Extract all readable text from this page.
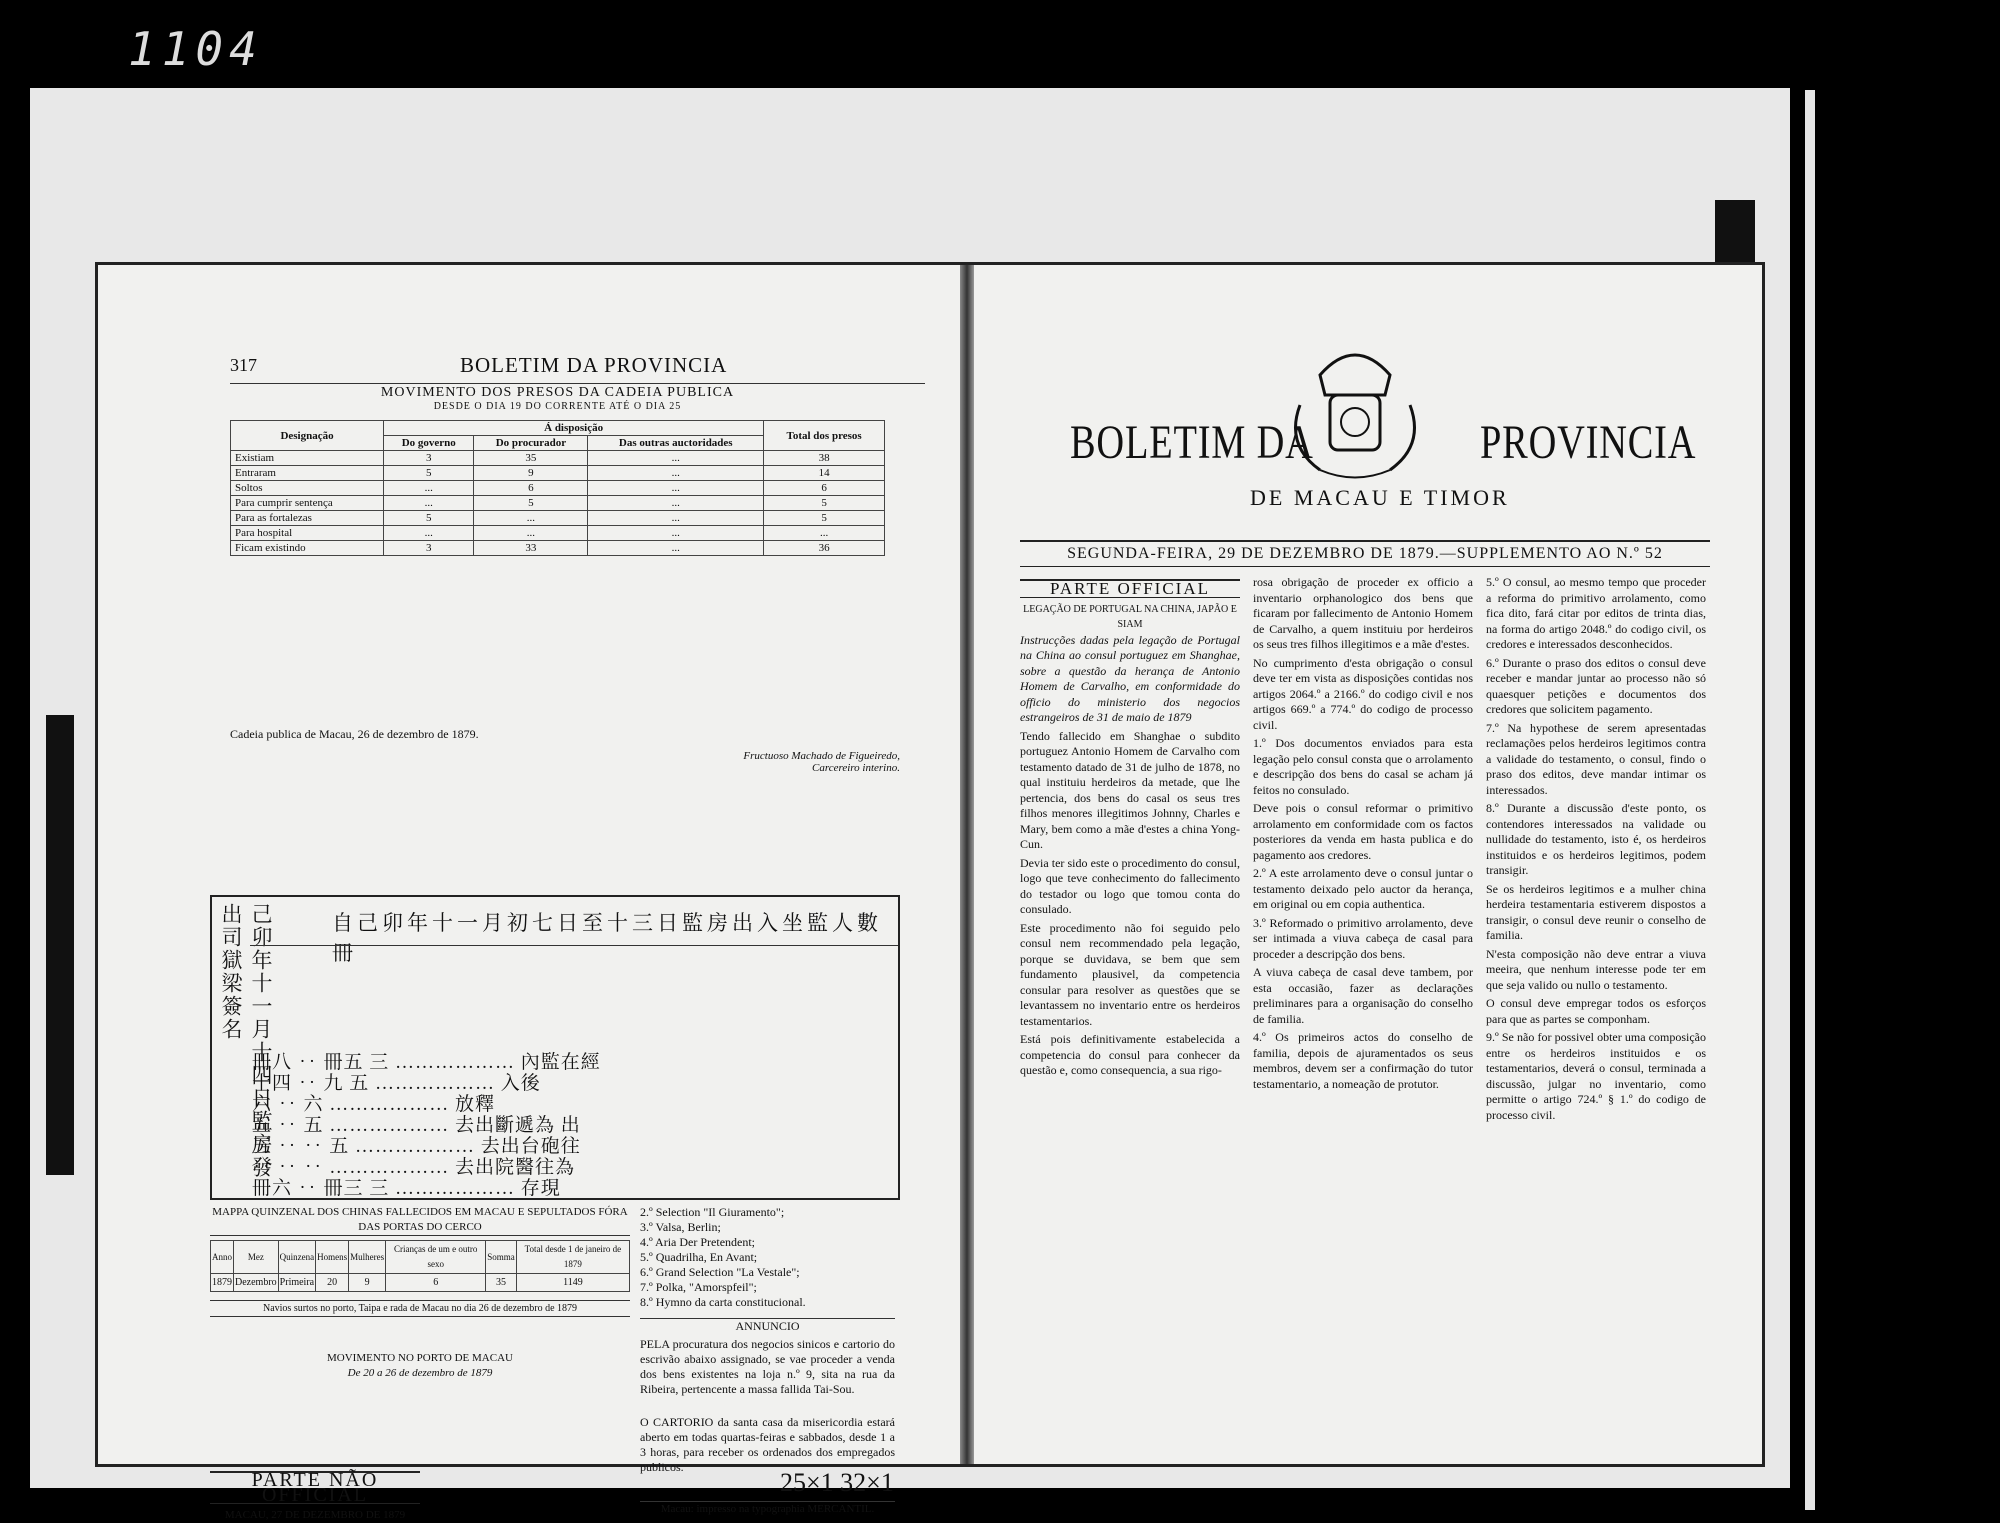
1104
317	BOLETIM DA PROVINCIA
MOVIMENTO DOS PRESOS DA CADEIA PUBLICA
DESDE O DIA 19 DO CORRENTE ATÉ O DIA 25
Designação	Á disposição			Total dos presos
	Do governo	Do procurador	Das outras auctoridades	
Existiam	3	35	...	38
Entraram	5	9	...	14
Soltos	...	6	...	6
Para cumprir sentença	...	5	...	5
Para as fortalezas	5	...	...	5
Para hospital	...	...	...	...
Ficam existindo	3	33	...	36
Cadeia publica de Macau, 26 de dezembro de 1879.
Fructuoso Machado de Figueiredo,
Carcereiro interino.
己卯年十一月十四日監房發出司獄梁簽名	自己卯年十一月初七日至十三日監房出入坐監人數冊
冊八 ‥ 冊五 三 ……………… 內監在經
十四 ‥ 九 五 ……………… 入後
六 ‥ 六 ……………… 放釋
五 ‥ 五 ……………… 去出斷遞為 出
五 ‥ ‥ 五 ……………… 去出台砲往
‥ ‥ ‥ ……………… 去出院醫往為
冊六 ‥ 冊三 三 ……………… 存現
MAPPA QUINZENAL DOS CHINAS FALLECIDOS EM MACAU E SEPULTADOS FÓRA DAS PORTAS DO CERCO
Anno	Mez	Quinzena	Homens	Mulheres	Crianças de um e outro sexo	Somma	Total desde 1 de janeiro de 1879
1879	Dezembro	Primeira	20	9	6	35	1149
Navios surtos no porto, Taipa e rada de Macau no dia 26 de dezembro de 1879
MOVIMENTO NO PORTO DE MACAU
De 20 a 26 de dezembro de 1879
PARTE NÃO OFFICIAL
MACAU, 27 DE DEZEMBRO DE 1879
2.º Selection "Il Giuramento";
3.º Valsa, Berlin;
4.º Aria Der Pretendent;
5.º Quadrilha, En Avant;
6.º Grand Selection "La Vestale";
7.º Polka, "Amorspfeil";
8.º Hymno da carta constitucional.
ANNUNCIO

PELA procuratura dos negocios sinicos e cartorio do escrivão abaixo assignado, se vae proceder a venda dos bens existentes na loja n.º 9, sita na rua da Ribeira, pertencente a massa fallida Tai-Sou.

O CARTORIO da santa casa da misericordia estará aberto em todas quartas-feiras e sabbados, desde 1 a 3 horas, para receber os ordenados dos empregados publicos.

Macau: impresso na typographia MERCANTIL.
BOLETIM DA	PROVINCIA
DE MACAU E TIMOR
SEGUNDA-FEIRA, 29 DE DEZEMBRO DE 1879.—SUPPLEMENTO AO N.º 52
PARTE OFFICIAL
LEGAÇÃO DE PORTUGAL NA CHINA, JAPÃO E SIAM

Instrucções dadas pela legação de Portugal na China ao consul portuguez em Shanghae, sobre a questão da herança de Antonio Homem de Carvalho, em conformidade do officio do ministerio dos negocios estrangeiros de 31 de maio de 1879

Tendo fallecido em Shanghae o subdito portuguez Antonio Homem de Carvalho com testamento datado de 31 de julho de 1878, no qual instituiu herdeiros da metade, que lhe pertencia, dos bens do casal os seus tres filhos menores illegitimos Johnny, Charles e Mary, bem como a mãe d'estes a china Yong-Cun.

Devia ter sido este o procedimento do consul, logo que teve conhecimento do fallecimento do testador ou logo que tomou conta do consulado.

Este procedimento não foi seguido pelo consul nem recommendado pela legação, porque se duvidava, se bem que sem fundamento plausivel, da competencia consular para resolver as questões que se levantassem no inventario entre os herdeiros testamentarios.

Está pois definitivamente estabelecida a competencia do consul para conhecer da questão e, como consequencia, a sua rigo-

rosa obrigação de proceder ex officio a inventario orphanologico dos bens que ficaram por fallecimento de Antonio Homem de Carvalho, a quem instituiu por herdeiros os seus tres filhos illegitimos e a mãe d'estes.

No cumprimento d'esta obrigação o consul deve ter em vista as disposições contidas nos artigos 2064.º a 2166.º do codigo civil e nos artigos 669.º a 774.º do codigo de processo civil.

1.º Dos documentos enviados para esta legação pelo consul consta que o arrolamento e descripção dos bens do casal se acham já feitos no consulado.

Deve pois o consul reformar o primitivo arrolamento em conformidade com os factos posteriores da venda em hasta publica e do pagamento aos credores.

2.º A este arrolamento deve o consul juntar o testamento deixado pelo auctor da herança, em original ou em copia authentica.

3.º Reformado o primitivo arrolamento, deve ser intimada a viuva cabeça de casal para proceder a descripção dos bens.

A viuva cabeça de casal deve tambem, por esta occasião, fazer as declarações preliminares para a organisação do conselho de familia.

4.º Os primeiros actos do conselho de familia, depois de ajuramentados os seus membros, devem ser a confirmação do tutor testamentario, a nomeação de protutor.

5.º O consul, ao mesmo tempo que proceder a reforma do primitivo arrolamento, como fica dito, fará citar por editos de trinta dias, na forma do artigo 2048.º do codigo civil, os credores e interessados desconhecidos.

6.º Durante o praso dos editos o consul deve receber e mandar juntar ao processo não só quaesquer petições e documentos dos credores que solicitem pagamento.

7.º Na hypothese de serem apresentadas reclamações pelos herdeiros legitimos contra a validade do testamento, o consul, findo o praso dos editos, deve mandar intimar os interessados.

8.º Durante a discussão d'este ponto, os contendores interessados na validade ou nullidade do testamento, isto é, os herdeiros instituidos e os herdeiros legitimos, podem transigir.

Se os herdeiros legitimos e a mulher china herdeira testamentaria estiverem dispostos a transigir, o consul deve reunir o conselho de familia.

N'esta composição não deve entrar a viuva meeira, que nenhum interesse pode ter em que seja valido ou nullo o testamento.

O consul deve empregar todos os esforços para que as partes se componham.

9.º Se não for possivel obter uma composição entre os herdeiros instituidos e os testamentarios, deverá o consul, terminada a discussão, julgar no inventario, como permitte o artigo 724.º § 1.º do codigo de processo civil.

25×1 32×1
